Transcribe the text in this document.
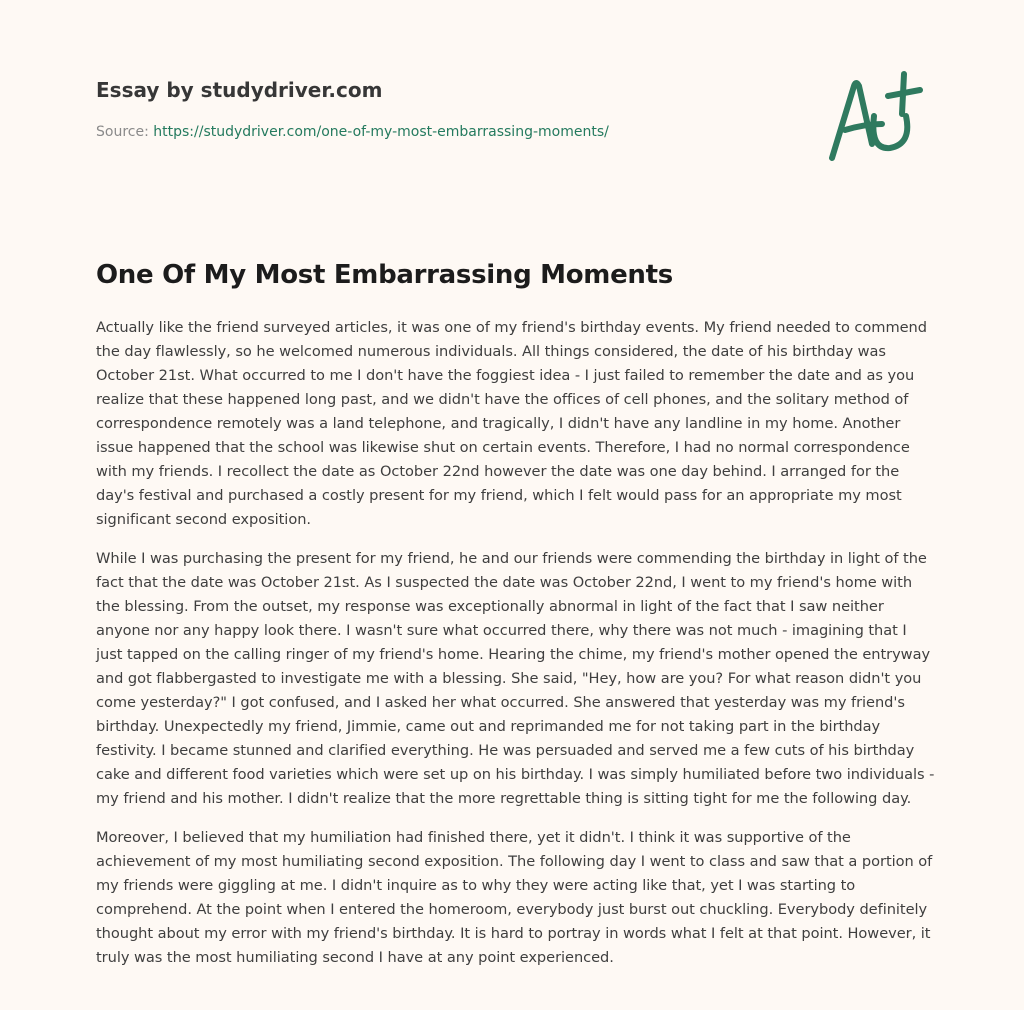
Essay by studydriver.com
Source: https://studydriver.com/one-of-my-most-embarrassing-moments/
One Of My Most Embarrassing Moments

Actually like the friend surveyed articles, it was one of my friend's birthday events. My friend needed to commend the day flawlessly, so he welcomed numerous individuals. All things considered, the date of his birthday was October 21st. What occurred to me I don't have the foggiest idea - I just failed to remember the date and as you realize that these happened long past, and we didn't have the offices of cell phones, and the solitary method of correspondence remotely was a land telephone, and tragically, I didn't have any landline in my home. Another issue happened that the school was likewise shut on certain events. Therefore, I had no normal correspondence with my friends. I recollect the date as October 22nd however the date was one day behind. I arranged for the day's festival and purchased a costly present for my friend, which I felt would pass for an appropriate my most significant second exposition.

While I was purchasing the present for my friend, he and our friends were commending the birthday in light of the fact that the date was October 21st. As I suspected the date was October 22nd, I went to my friend's home with the blessing. From the outset, my response was exceptionally abnormal in light of the fact that I saw neither anyone nor any happy look there. I wasn't sure what occurred there, why there was not much - imagining that I just tapped on the calling ringer of my friend's home. Hearing the chime, my friend's mother opened the entryway and got flabbergasted to investigate me with a blessing. She said, "Hey, how are you? For what reason didn't you come yesterday?" I got confused, and I asked her what occurred. She answered that yesterday was my friend's birthday. Unexpectedly my friend, Jimmie, came out and reprimanded me for not taking part in the birthday festivity. I became stunned and clarified everything. He was persuaded and served me a few cuts of his birthday cake and different food varieties which were set up on his birthday. I was simply humiliated before two individuals - my friend and his mother. I didn't realize that the more regrettable thing is sitting tight for me the following day.

Moreover, I believed that my humiliation had finished there, yet it didn't. I think it was supportive of the achievement of my most humiliating second exposition. The following day I went to class and saw that a portion of my friends were giggling at me. I didn't inquire as to why they were acting like that, yet I was starting to comprehend. At the point when I entered the homeroom, everybody just burst out chuckling. Everybody definitely thought about my error with my friend's birthday. It is hard to portray in words what I felt at that point. However, it truly was the most humiliating second I have at any point experienced.
